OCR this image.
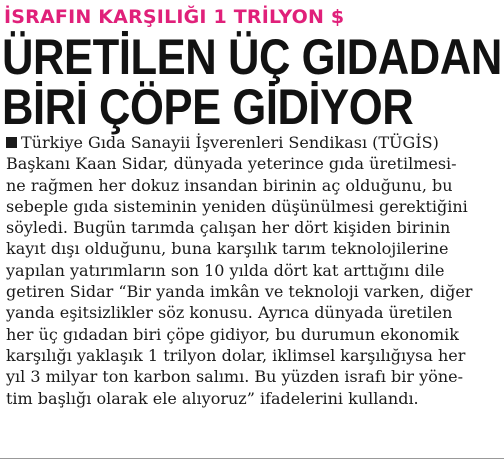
İSRAFIN KARŞILIĞI 1 TRİLYON $
ÜRETİLEN ÜÇ GIDADAN
BİRİ ÇÖPE GİDİYOR
Türkiye Gıda Sanayii İşverenleri Sendikası (TÜGİS)
Başkanı Kaan Sidar, dünyada yeterince gıda üretilmesi-
ne rağmen her dokuz insandan birinin aç olduğunu, bu
sebeple gıda sisteminin yeniden düşünülmesi gerektiğini
söyledi. Bugün tarımda çalışan her dört kişiden birinin
kayıt dışı olduğunu, buna karşılık tarım teknolojilerine
yapılan yatırımların son 10 yılda dört kat arttığını dile
getiren Sidar “Bir yanda imkân ve teknoloji varken, diğer
yanda eşitsizlikler söz konusu. Ayrıca dünyada üretilen
her üç gıdadan biri çöpe gidiyor, bu durumun ekonomik
karşılığı yaklaşık 1 trilyon dolar, iklimsel karşılığıysa her
yıl 3 milyar ton karbon salımı. Bu yüzden israfı bir yöne-
tim başlığı olarak ele alıyoruz” ifadelerini kullandı.
